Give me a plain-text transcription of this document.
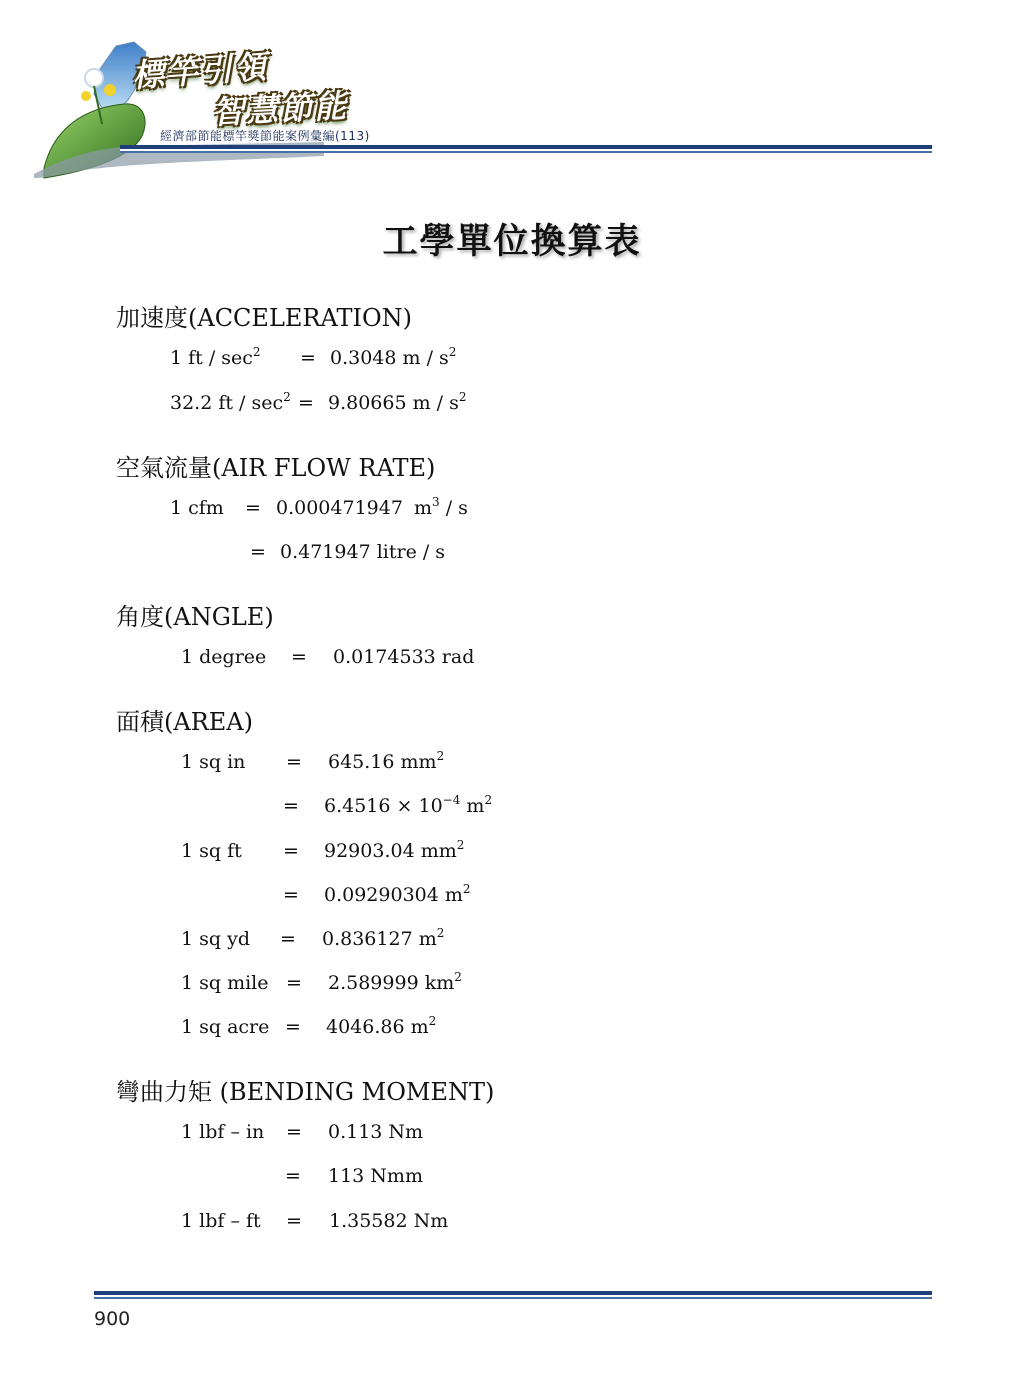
標竿引領
智慧節能
經濟部節能標竿獎節能案例彙編(113)
工學單位換算表
加速度(ACCELERATION)
1 ft / $\sec^2 = 0.3048$ m / $s^2$
32.2 ft / $\sec^2 = 9.80665$ m / $s^2$
空氣流量(AIR FLOW RATE)
1 cfm = 0.000471947 $m^3$ / s
= 0.471947 litre / s
角度(ANGLE)
1 degree = 0.0174533 rad
面積(AREA)
1 sq in = 645.16 $mm^2$
= $6.4516 \times 10^{-4}$ $m^2$
1 sq ft = 92903.04 $mm^2$
= 0.09290304 $m^2$
1 sq yd = 0.836127 $m^2$
1 sq mile = 2.589999 $km^2$
1 sq acre = 4046.86 $m^2$
彎曲力矩 (BENDING MOMENT)
1 lbf – in = 0.113 Nm
= 113 Nmm
1 lbf – ft = 1.35582 Nm
900
